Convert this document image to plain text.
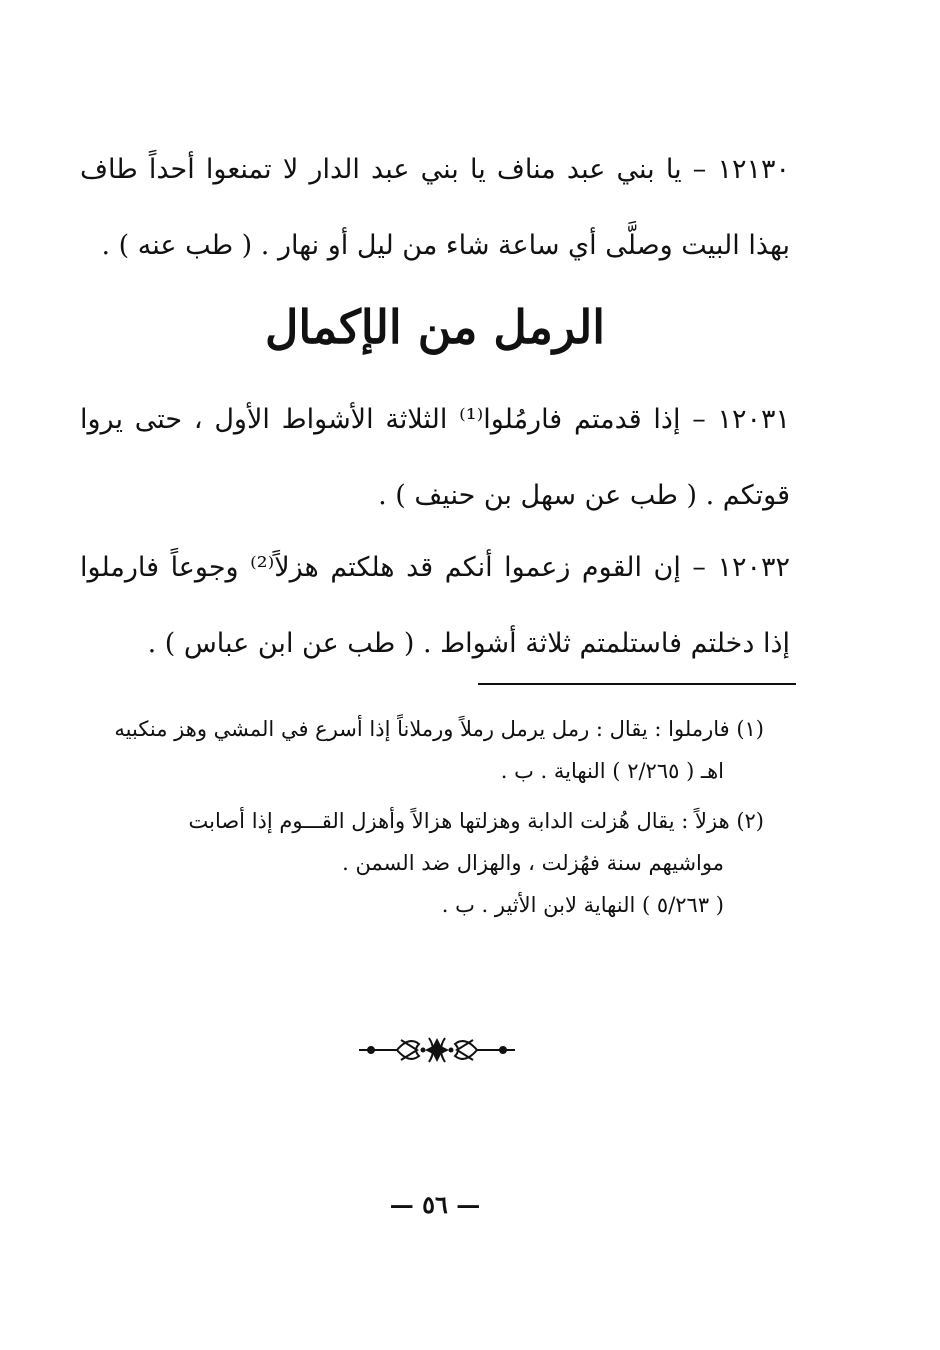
١٢١٣٠ – يا بني عبد مناف يا بني عبد الدار لا تمنعوا أحداً طاف بهذا البيت وصلَّى أي ساعة شاء من ليل أو نهار . ( طب عنه ) .

الرمل من الإكمال

١٢٠٣١ – إذا قدمتم فارمُلوا⁽¹⁾ الثلاثة الأشواط الأول ، حتى يروا قوتكم . ( طب عن سهل بن حنيف ) .

١٢٠٣٢ – إن القوم زعموا أنكم قد هلكتم هزلاً⁽²⁾ وجوعاً فارملوا إذا دخلتم فاستلمتم ثلاثة أشواط . ( طب عن ابن عباس ) .

(١) فارملوا : يقال : رمل يرمل رملاً ورملاناً إذا أسرع في المشي وهز منكبيه
اهـ ( ٢/٢٦٥ ) النهاية . ب .
(٢) هزلاً : يقال هُزلت الدابة وهزلتها هزالاً وأهزل القـــوم إذا أصابت
مواشيهم سنة فهُزلت ، والهزال ضد السمن .
( ٥/٢٦٣ ) النهاية لابن الأثير . ب .
— ٥٦ —
